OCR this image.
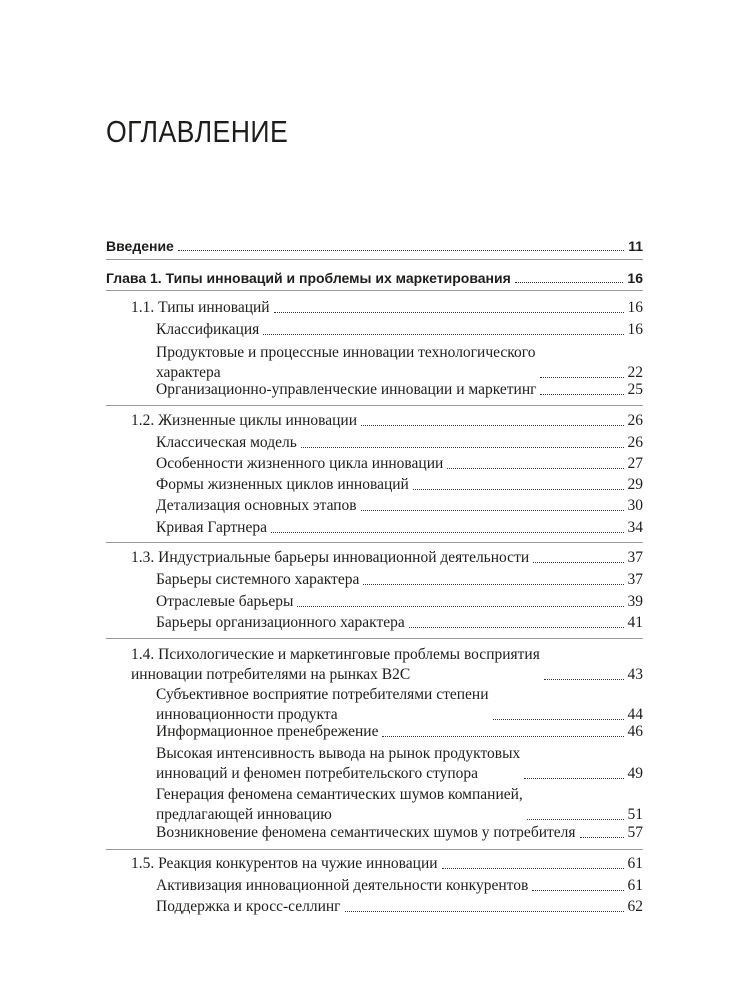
ОГЛАВЛЕНИЕ
Введение	11
Глава 1. Типы инноваций и проблемы их маркетирования	16
1.1. Типы инноваций	16
Классификация	16
Продуктовые и процессные инновации технологического
характера	22
Организационно-управленческие инновации и маркетинг	25
1.2. Жизненные циклы инновации	26
Классическая модель	26
Особенности жизненного цикла инновации	27
Формы жизненных циклов инноваций	29
Детализация основных этапов	30
Кривая Гартнера	34
1.3. Индустриальные барьеры инновационной деятельности	37
Барьеры системного характера	37
Отраслевые барьеры	39
Барьеры организационного характера	41
1.4. Психологические и маркетинговые проблемы восприятия
инновации потребителями на рынках B2C	43
Субъективное восприятие потребителями степени
инновационности продукта	44
Информационное пренебрежение	46
Высокая интенсивность вывода на рынок продуктовых
инноваций и феномен потребительского ступора	49
Генерация феномена семантических шумов компанией,
предлагающей инновацию	51
Возникновение феномена семантических шумов у потребителя	57
1.5. Реакция конкурентов на чужие инновации	61
Активизация инновационной деятельности конкурентов	61
Поддержка и кросс-селлинг	62
